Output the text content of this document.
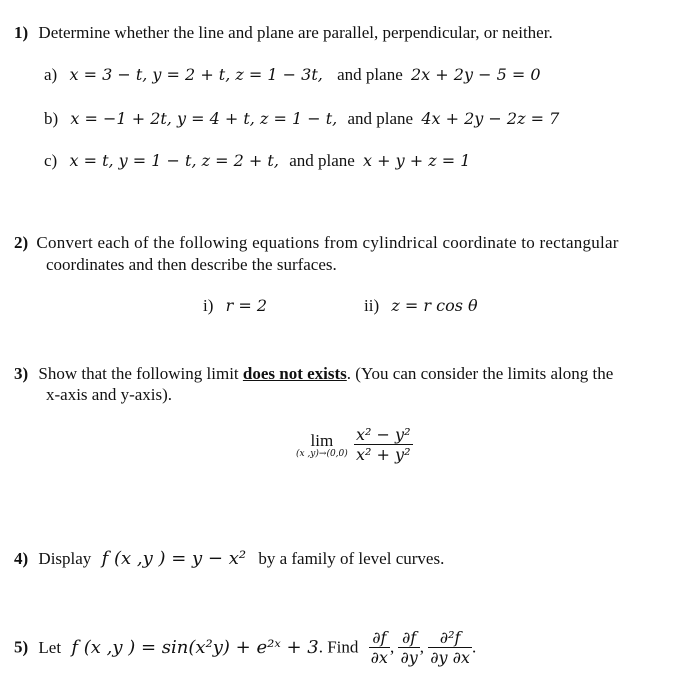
1) Determine whether the line and plane are parallel, perpendicular, or neither.
a) x = 3 − t, y = 2 + t, z = 1 − 3t, and plane 2x + 2y − 5 = 0
b) x = −1 + 2t, y = 4 + t, z = 1 − t, and plane 4x + 2y − 2z = 7
c) x = t, y = 1 − t, z = 2 + t, and plane x + y + z = 1
2) Convert each of the following equations from cylindrical coordinate to rectangular
coordinates and then describe the surfaces.
i) r = 2	ii) z = r cos θ
3) Show that the following limit does not exists. (You can consider the limits along the
x-axis and y-axis).
lim
(x ,y)→(0,0)
$\frac{\text{x² − y²}}{\text{x² + y²}}$
4) Display f (x ,y ) = y − x² by a family of level curves.
5) Let f (x ,y ) = sin(x²y) + e²ˣ + 3. Find $\frac{\partial f}{\partial x}$ , $\frac{\partial f}{\partial y}$ , $\frac{\text{∂²f}}{\partial y \partial x}$ .
